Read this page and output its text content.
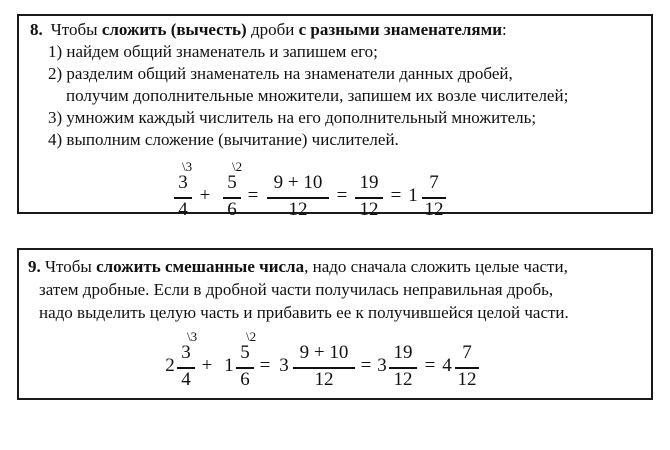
8. Чтобы сложить (вычесть) дроби с разными знаменателями:
1) найдем общий знаменатель и запишем его;
2) разделим общий знаменатель на знаменатели данных дробей,
получим дополнительные множители, запишем их возле числителей;
3) умножим каждый числитель на его дополнительный множитель;
4) выполним сложение (вычитание) числителей.
\3
3
4
+
\2
5
6
=
9 + 10
12
=
19
12
= 1
7
12
9. Чтобы сложить смешанные числа, надо сначала сложить целые части,
затем дробные. Если в дробной части получилась неправильная дробь,
надо выделить целую часть и прибавить ее к получившейся целой части.
2
\3
3
4
+ 1
\2
5
6
= 3
9 + 10
12
= 3
19
12
= 4
7
12
